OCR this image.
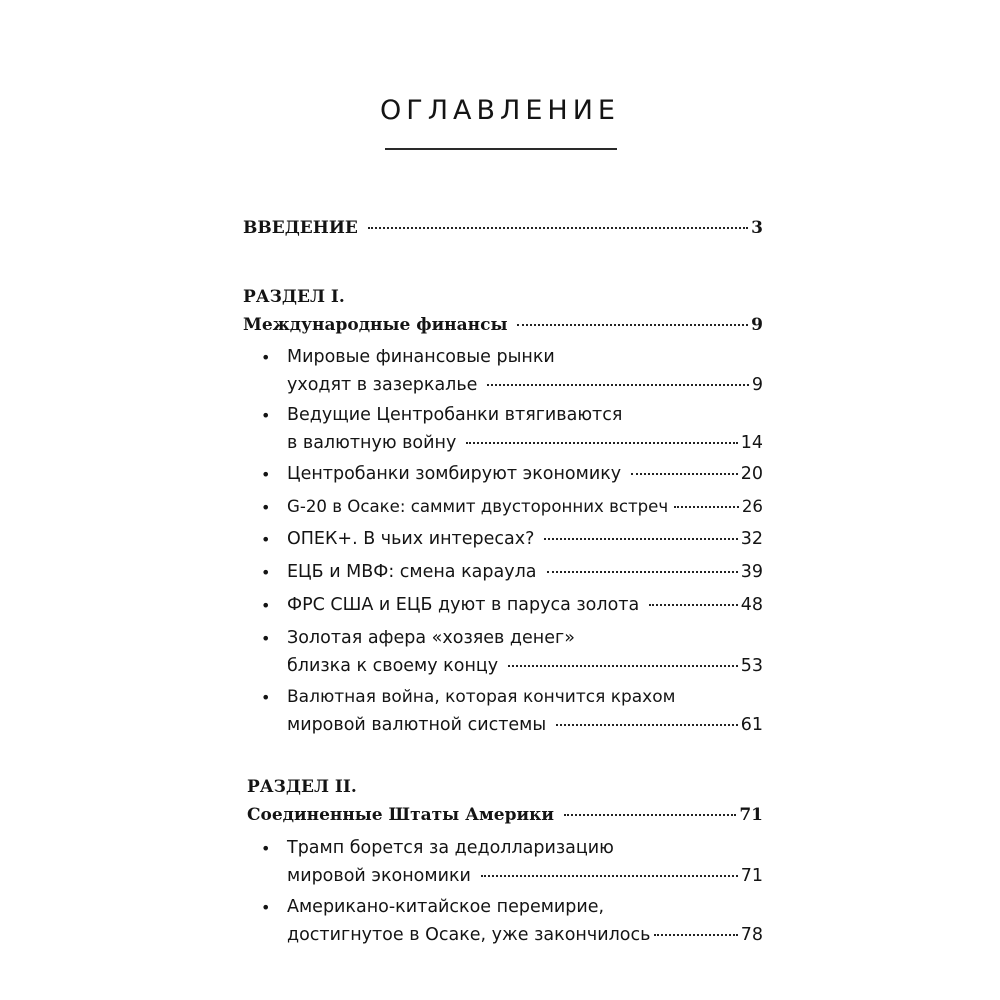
ОГЛАВЛЕНИЕ
ВВЕДЕНИЕ	3
РАЗДЕЛ I.
Международные финансы	9
• Мировые финансовые рынки
уходят в зазеркалье	9
• Ведущие Центробанки втягиваются
в валютную войну	14
• Центробанки зомбируют экономику	20
• G-20 в Осаке: саммит двусторонних встреч	26
• ОПЕК+. В чьих интересах?	32
• ЕЦБ и МВФ: смена караула	39
• ФРС США и ЕЦБ дуют в паруса золота	48
• Золотая афера «хозяев денег»
близка к своему концу	53
• Валютная война, которая кончится крахом
мировой валютной системы	61
РАЗДЕЛ II.
Соединенные Штаты Америки	71
• Трамп борется за дедолларизацию
мировой экономики	71
• Американо-китайское перемирие,
достигнутое в Осаке, уже закончилось	78
